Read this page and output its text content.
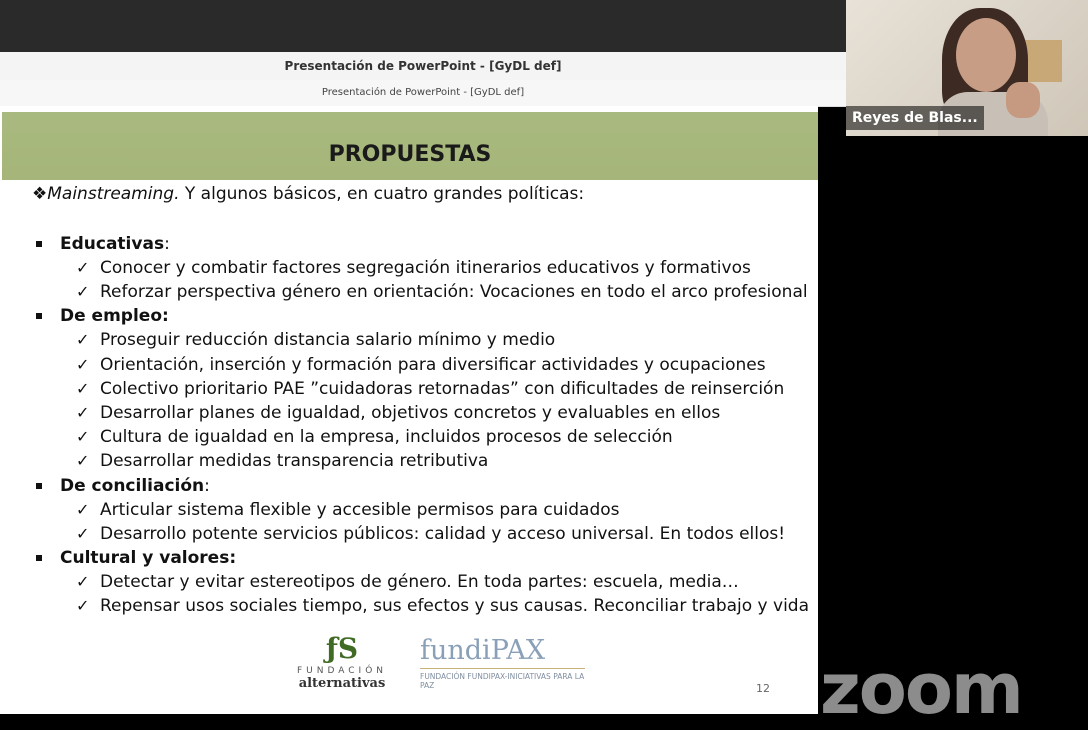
Presentación de PowerPoint - [GyDL def]
Presentación de PowerPoint - [GyDL def]
PROPUESTAS
❖Mainstreaming. Y algunos básicos, en cuatro grandes políticas:
Educativas :
✓ Conocer y combatir factores segregación itinerarios educativos y formativos
✓ Reforzar perspectiva género en orientación: Vocaciones en todo el arco profesional
De empleo:
✓ Proseguir reducción distancia salario mínimo y medio
✓ Orientación, inserción y formación para diversificar actividades y ocupaciones
✓ Colectivo prioritario PAE ”cuidadoras retornadas” con dificultades de reinserción
✓ Desarrollar planes de igualdad, objetivos concretos y evaluables en ellos
✓ Cultura de igualdad en la empresa, incluidos procesos de selección
✓ Desarrollar medidas transparencia retributiva
De conciliación :
✓ Articular sistema flexible y accesible permisos para cuidados
✓ Desarrollo potente servicios públicos: calidad y acceso universal. En todos ellos!
Cultural y valores:
✓ Detectar y evitar estereotipos de género. En toda partes: escuela, media…
✓ Repensar usos sociales tiempo, sus efectos y sus causas. Reconciliar trabajo y vida
ƒS
FUNDACIÓN
alternativas
fundiPAX
FUNDACIÓN FUNDIPAX-INICIATIVAS PARA LA PAZ	12
Reyes de Blas...
zoom
